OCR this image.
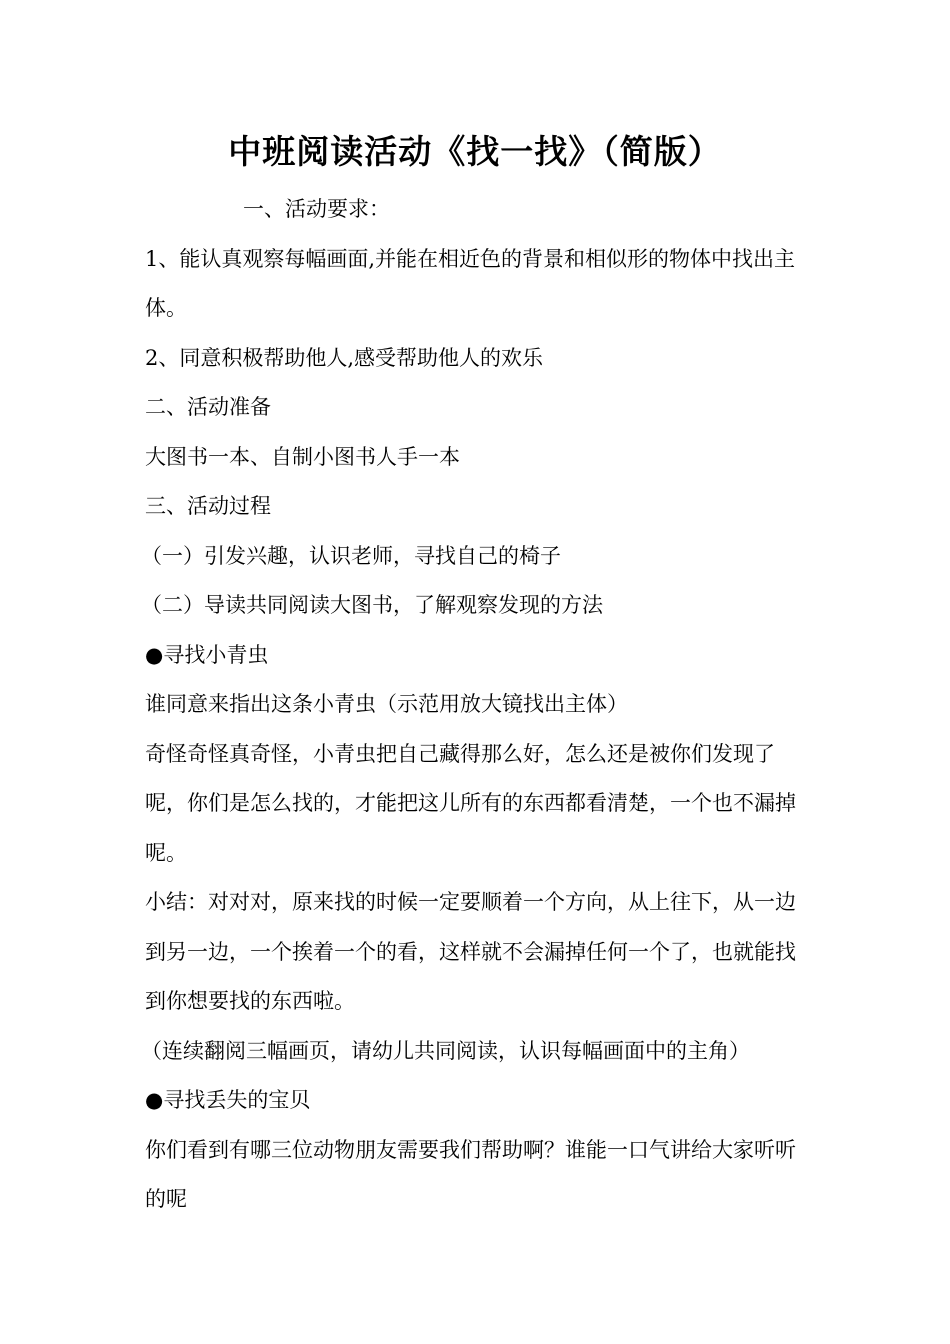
中班阅读活动《找一找》（简版）

一、活动要求：

1、能认真观察每幅画面,并能在相近色的背景和相似形的物体中找出主体。

2、同意积极帮助他人,感受帮助他人的欢乐

二、活动准备

大图书一本、自制小图书人手一本

三、活动过程

（一）引发兴趣，认识老师，寻找自己的椅子

（二）导读共同阅读大图书，了解观察发现的方法

●寻找小青虫

谁同意来指出这条小青虫（示范用放大镜找出主体）

奇怪奇怪真奇怪，小青虫把自己藏得那么好，怎么还是被你们发现了呢，你们是怎么找的，才能把这儿所有的东西都看清楚，一个也不漏掉呢。

小结：对对对，原来找的时候一定要顺着一个方向，从上往下，从一边到另一边，一个挨着一个的看，这样就不会漏掉任何一个了，也就能找到你想要找的东西啦。

（连续翻阅三幅画页，请幼儿共同阅读，认识每幅画面中的主角）

●寻找丢失的宝贝

你们看到有哪三位动物朋友需要我们帮助啊？谁能一口气讲给大家听听的呢
